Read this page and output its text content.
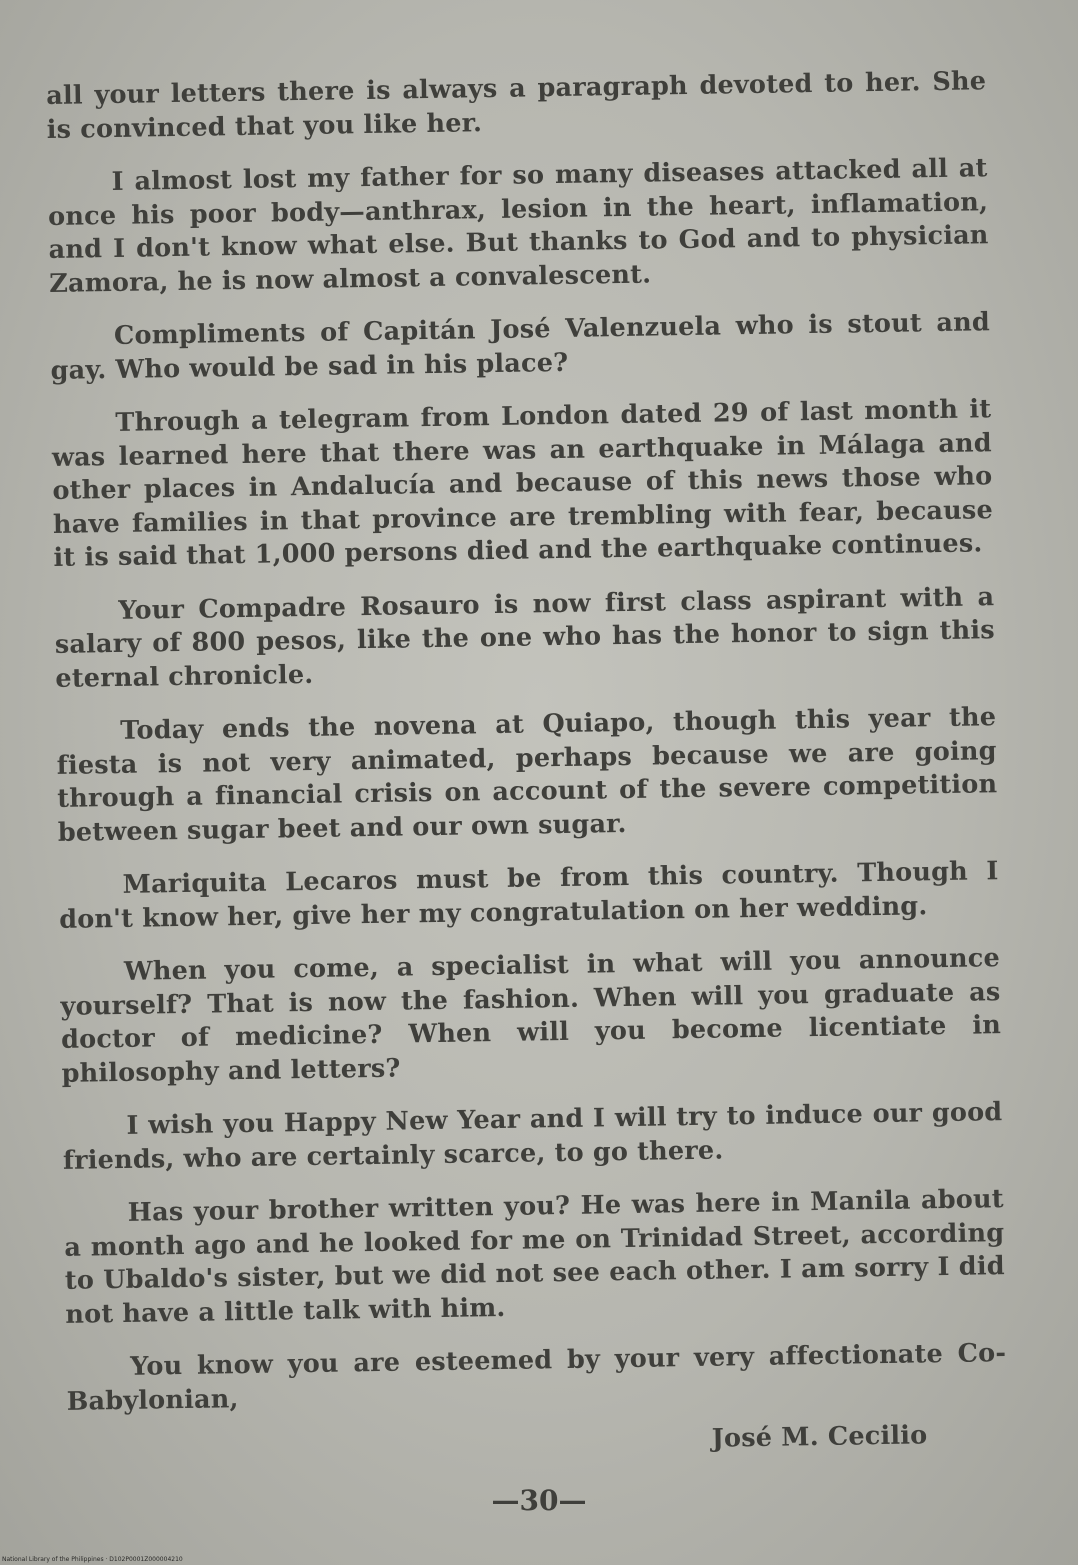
all your letters there is always a paragraph devoted to her. She is convinced that you like her.

I almost lost my father for so many diseases attacked all at once his poor body—anthrax, lesion in the heart, inflamation, and I don't know what else. But thanks to God and to physician Zamora, he is now almost a convalescent.

Compliments of Capitán José Valenzuela who is stout and gay. Who would be sad in his place?

Through a telegram from London dated 29 of last month it was learned here that there was an earthquake in Málaga and other places in Andalucía and because of this news those who have families in that province are trembling with fear, because it is said that 1,000 persons died and the earthquake continues.

Your Compadre Rosauro is now first class aspirant with a salary of 800 pesos, like the one who has the honor to sign this eternal chronicle.

Today ends the novena at Quiapo, though this year the fiesta is not very animated, perhaps because we are going through a financial crisis on account of the severe competition between sugar beet and our own sugar.

Mariquita Lecaros must be from this country. Though I don't know her, give her my congratulation on her wedding.

When you come, a specialist in what will you announce yourself? That is now the fashion. When will you graduate as doctor of medicine? When will you become licentiate in philosophy and letters?

I wish you Happy New Year and I will try to induce our good friends, who are certainly scarce, to go there.

Has your brother written you? He was here in Manila about a month ago and he looked for me on Trinidad Street, according to Ubaldo's sister, but we did not see each other. I am sorry I did not have a little talk with him.

You know you are esteemed by your very affectionate Co-Babylonian,

José M. Cecilio

—30—
National Library of the Philippines · D102P0001Z000004210
